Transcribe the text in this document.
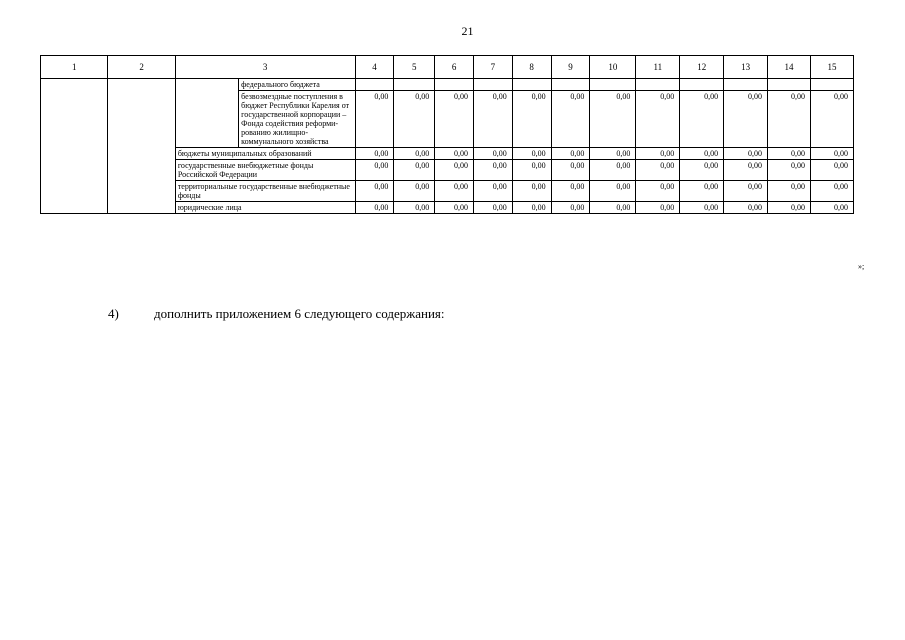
21
1	2	3		4	5	6	7	8	9	10	11	12	13	14	15
			федерального бюджета												
			безвозмездные поступления в бюджет Республики Карелия от государственной корпорации – Фонда содействия реформи-рованию жилищно-коммунального хозяйства	0,00	0,00	0,00	0,00	0,00	0,00	0,00	0,00	0,00	0,00	0,00	0,00
		бюджеты муниципальных образований		0,00	0,00	0,00	0,00	0,00	0,00	0,00	0,00	0,00	0,00	0,00	0,00
		государственные внебюджетные фонды Российской Федерации		0,00	0,00	0,00	0,00	0,00	0,00	0,00	0,00	0,00	0,00	0,00	0,00
		территориальные государственные внебюджетные фонды		0,00	0,00	0,00	0,00	0,00	0,00	0,00	0,00	0,00	0,00	0,00	0,00
		юридические лица		0,00	0,00	0,00	0,00	0,00	0,00	0,00	0,00	0,00	0,00	0,00	0,00
»;
4)	дополнить приложением 6 следующего содержания:
